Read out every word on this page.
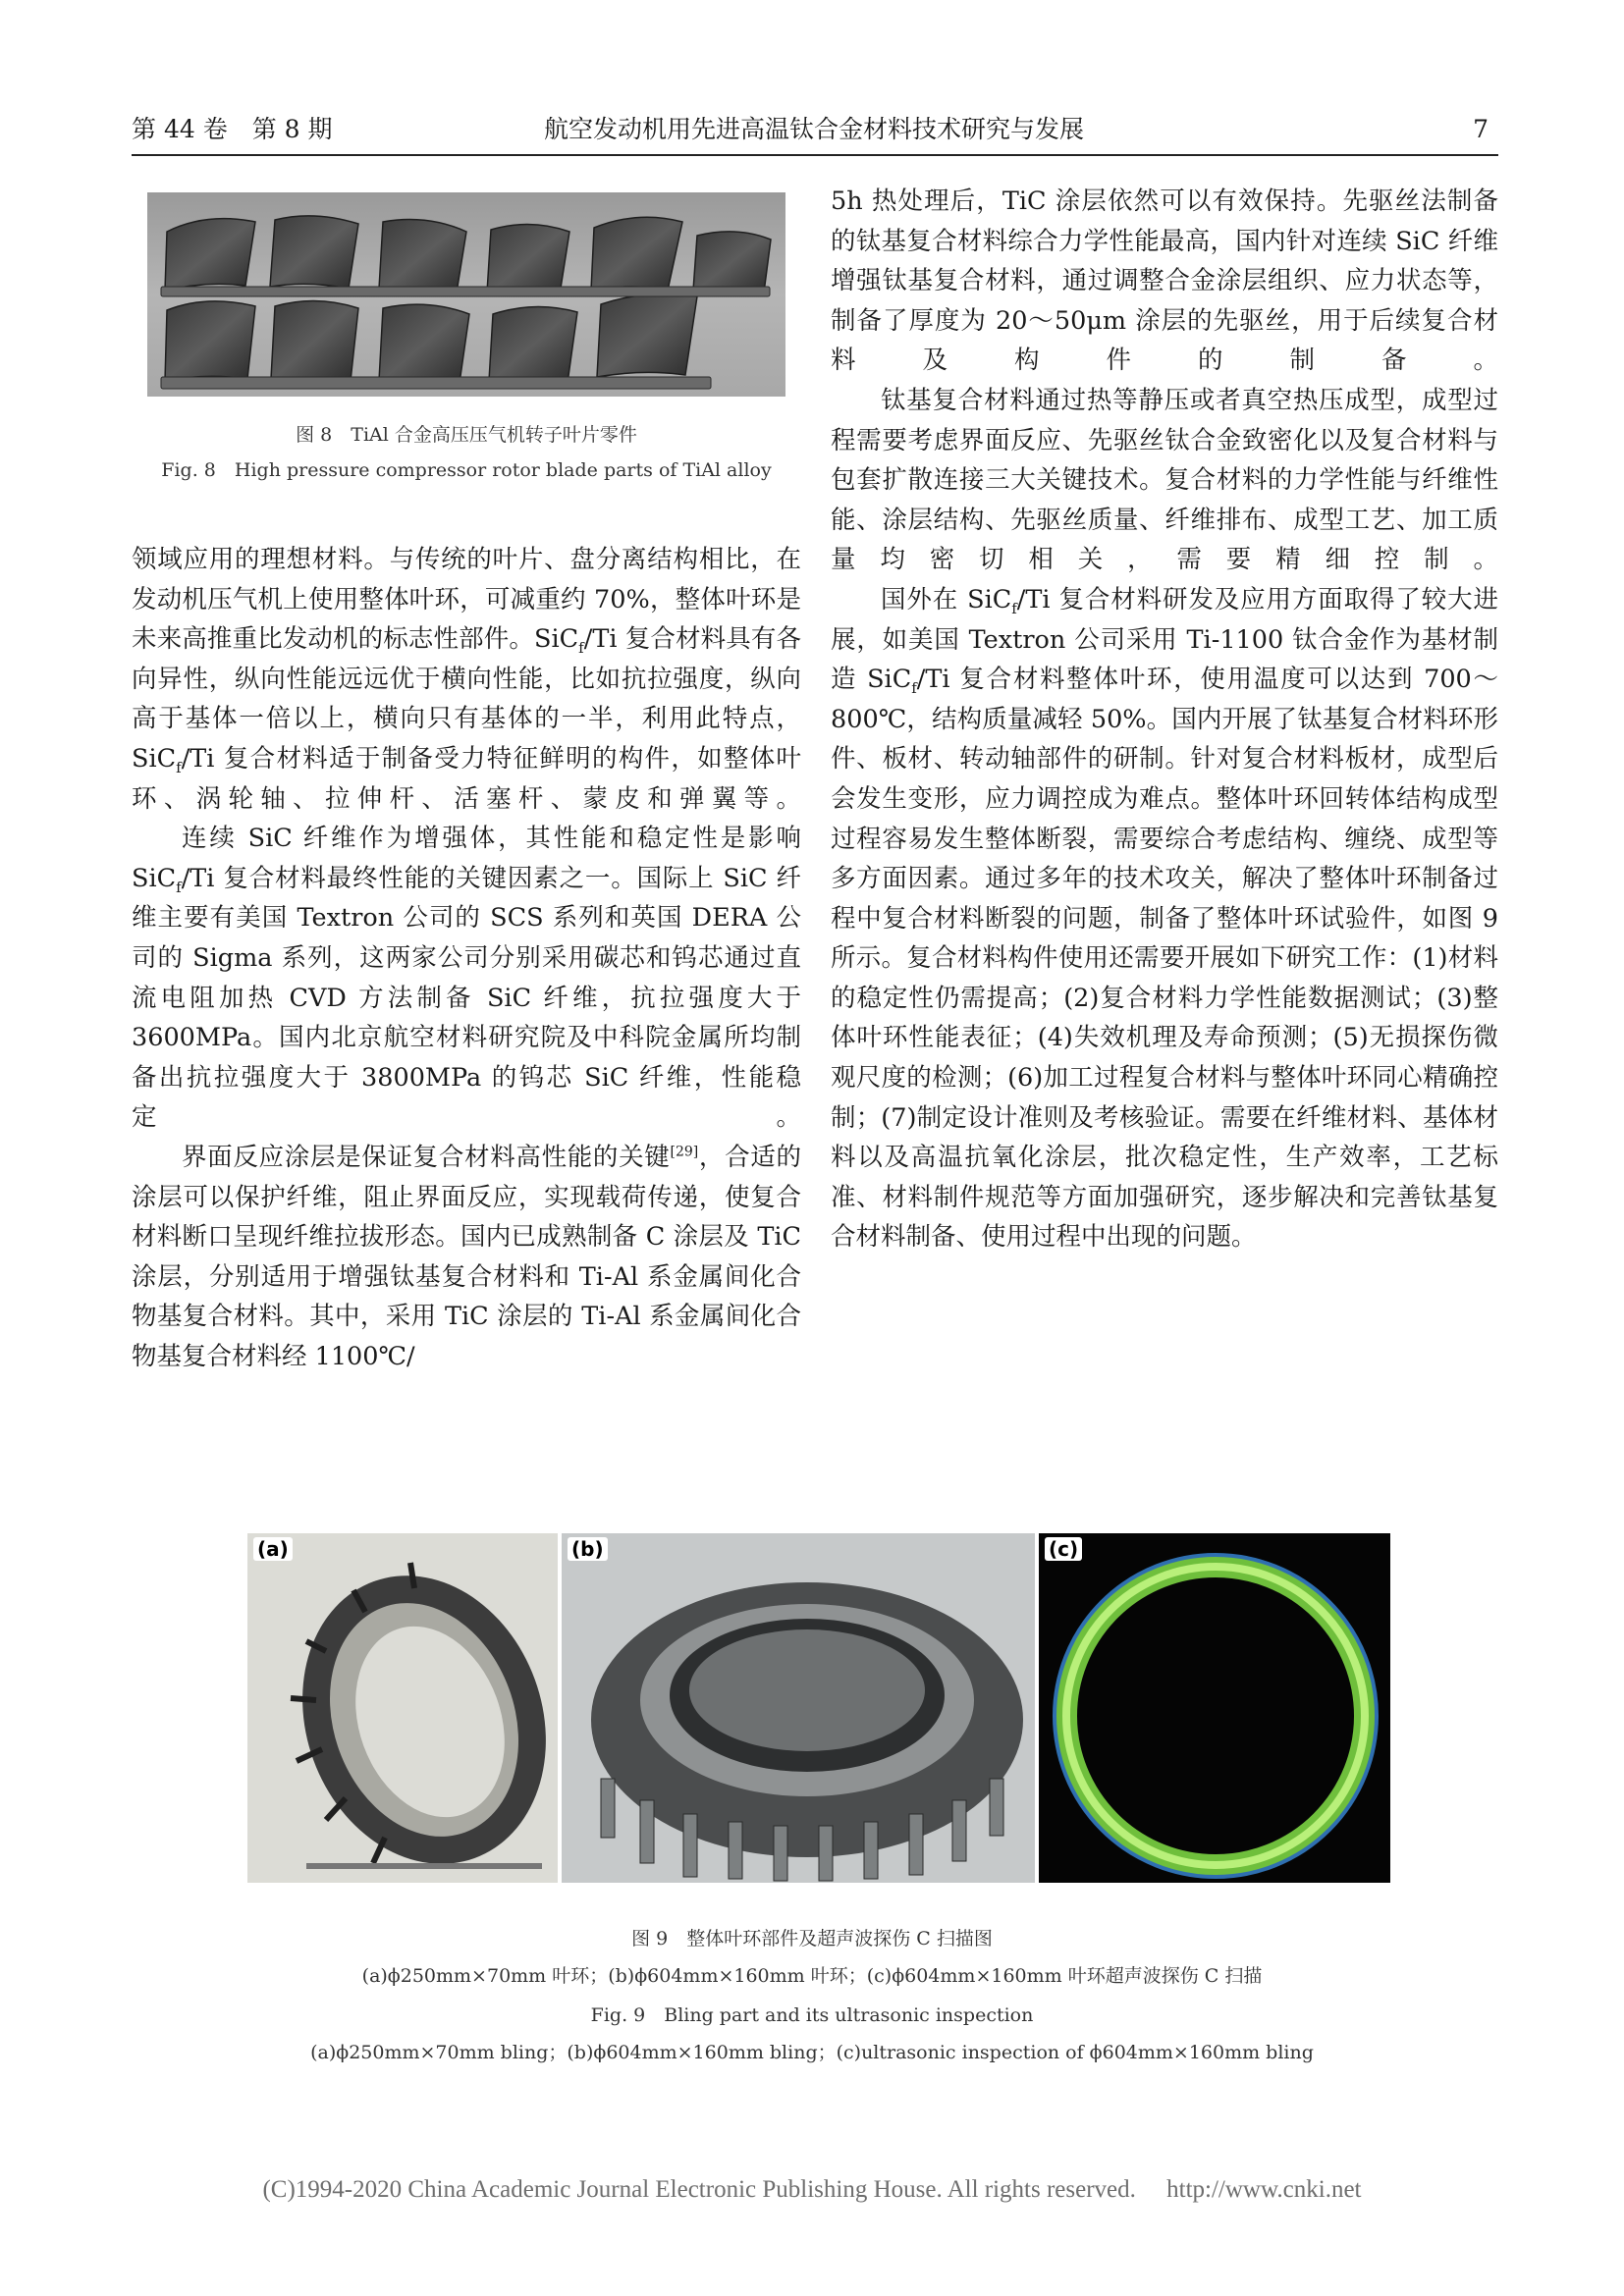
第 44 卷　第 8 期	航空发动机用先进高温钛合金材料技术研究与发展	7
图 8　TiAl 合金高压压气机转子叶片零件
Fig. 8　High pressure compressor rotor blade parts of TiAl alloy

领域应用的理想材料。与传统的叶片、盘分离结构相比，在发动机压气机上使用整体叶环，可减重约 70%，整体叶环是未来高推重比发动机的标志性部件。SiC$_f$/Ti 复合材料具有各向异性，纵向性能远远优于横向性能，比如抗拉强度，纵向高于基体一倍以上，横向只有基体的一半，利用此特点，SiC$_f$/Ti 复合材料适于制备受力特征鲜明的构件，如整体叶环、涡轮轴、拉伸杆、活塞杆、蒙皮和弹翼等。

连续 SiC 纤维作为增强体，其性能和稳定性是影响 SiC$_f$/Ti 复合材料最终性能的关键因素之一。国际上 SiC 纤维主要有美国 Textron 公司的 SCS 系列和英国 DERA 公司的 Sigma 系列，这两家公司分别采用碳芯和钨芯通过直流电阻加热 CVD 方法制备 SiC 纤维，抗拉强度大于 3600MPa。国内北京航空材料研究院及中科院金属所均制备出抗拉强度大于 3800MPa 的钨芯 SiC 纤维，性能稳定。

界面反应涂层是保证复合材料高性能的关键[29]，合适的涂层可以保护纤维，阻止界面反应，实现载荷传递，使复合材料断口呈现纤维拉拔形态。国内已成熟制备 C 涂层及 TiC 涂层，分别适用于增强钛基复合材料和 Ti-Al 系金属间化合物基复合材料。其中，采用 TiC 涂层的 Ti-Al 系金属间化合物基复合材料经 1100℃/

5h 热处理后，TiC 涂层依然可以有效保持。先驱丝法制备的钛基复合材料综合力学性能最高，国内针对连续 SiC 纤维增强钛基复合材料，通过调整合金涂层组织、应力状态等，制备了厚度为 20～50μm 涂层的先驱丝，用于后续复合材料及构件的制备。

钛基复合材料通过热等静压或者真空热压成型，成型过程需要考虑界面反应、先驱丝钛合金致密化以及复合材料与包套扩散连接三大关键技术。复合材料的力学性能与纤维性能、涂层结构、先驱丝质量、纤维排布、成型工艺、加工质量均密切相关，需要精细控制。

国外在 SiC$_f$/Ti 复合材料研发及应用方面取得了较大进展，如美国 Textron 公司采用 Ti-1100 钛合金作为基材制造 SiC$_f$/Ti 复合材料整体叶环，使用温度可以达到 700～800℃，结构质量减轻 50%。国内开展了钛基复合材料环形件、板材、转动轴部件的研制。针对复合材料板材，成型后会发生变形，应力调控成为难点。整体叶环回转体结构成型过程容易发生整体断裂，需要综合考虑结构、缠绕、成型等多方面因素。通过多年的技术攻关，解决了整体叶环制备过程中复合材料断裂的问题，制备了整体叶环试验件，如图 9 所示。复合材料构件使用还需要开展如下研究工作：(1)材料的稳定性仍需提高；(2)复合材料力学性能数据测试；(3)整体叶环性能表征；(4)失效机理及寿命预测；(5)无损探伤微观尺度的检测；(6)加工过程复合材料与整体叶环同心精确控制；(7)制定设计准则及考核验证。需要在纤维材料、基体材料以及高温抗氧化涂层，批次稳定性，生产效率，工艺标准、材料制件规范等方面加强研究，逐步解决和完善钛基复合材料制备、使用过程中出现的问题。

(a)	(b)	(c)
图 9　整体叶环部件及超声波探伤 C 扫描图
(a)ϕ250mm×70mm 叶环；(b)ϕ604mm×160mm 叶环；(c)ϕ604mm×160mm 叶环超声波探伤 C 扫描
Fig. 9　Bling part and its ultrasonic inspection
(a)ϕ250mm×70mm bling；(b)ϕ604mm×160mm bling；(c)ultrasonic inspection of ϕ604mm×160mm bling
(C)1994-2020 China Academic Journal Electronic Publishing House. All rights reserved.　 http://www.cnki.net
